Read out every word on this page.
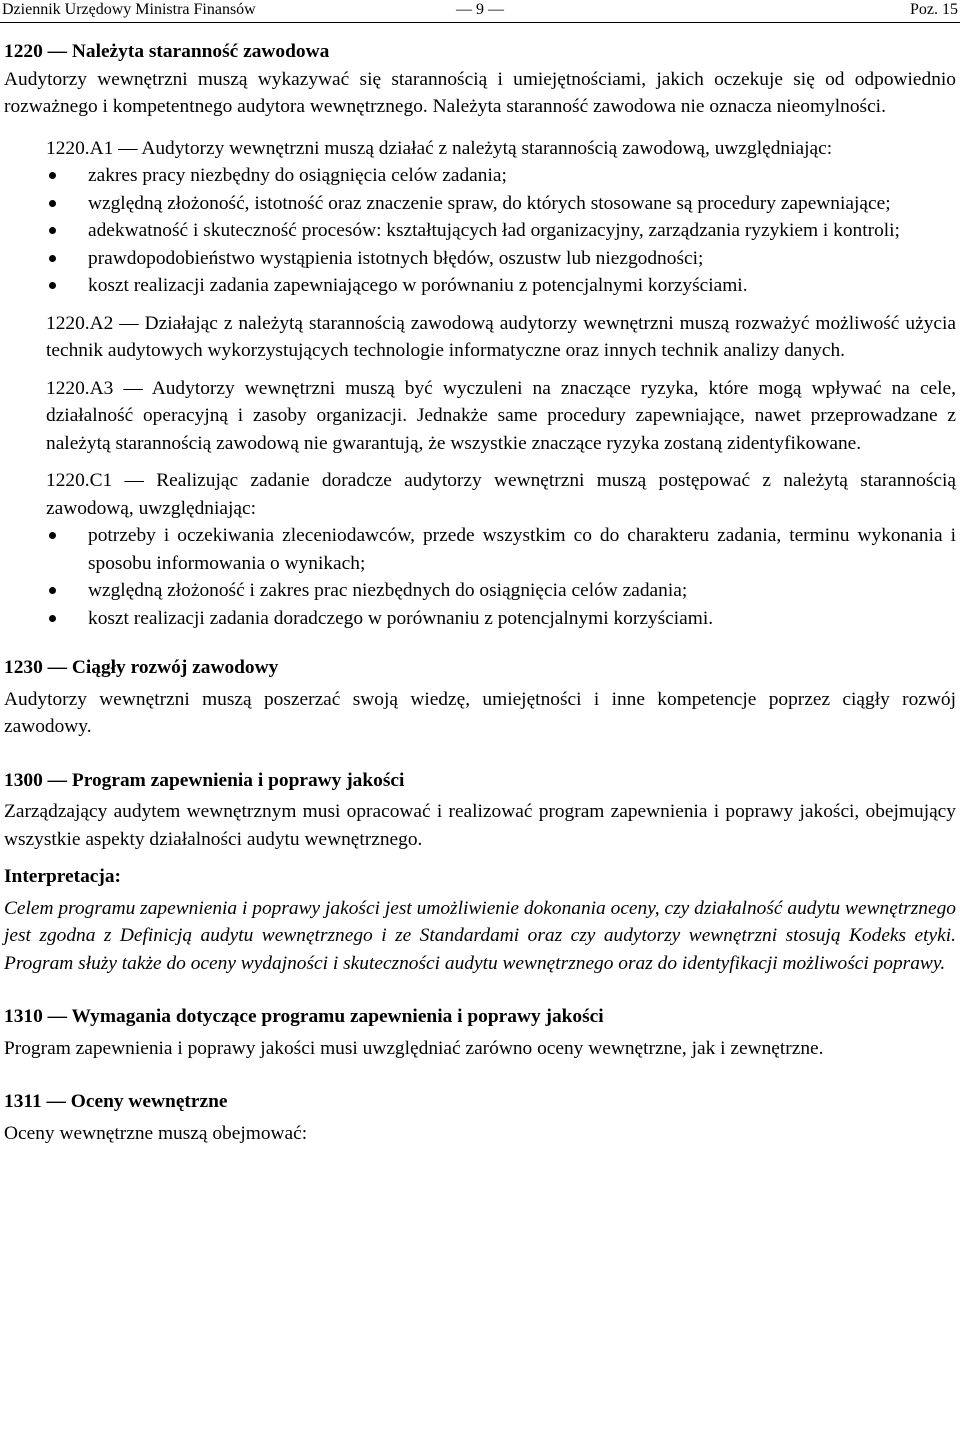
Dziennik Urzędowy Ministra Finansów	— 9 —	Poz. 15

1220 — Należyta staranność zawodowa

Audytorzy wewnętrzni muszą wykazywać się starannością i umiejętnościami, jakich oczekuje się od odpowiednio rozważnego i kompetentnego audytora wewnętrznego. Należyta staranność zawodowa nie oznacza nieomylności.

1220.A1 — Audytorzy wewnętrzni muszą działać z należytą starannością zawodową, uwzględniając:

zakres pracy niezbędny do osiągnięcia celów zadania;
względną złożoność, istotność oraz znaczenie spraw, do których stosowane są procedury zapewniające;
adekwatność i skuteczność procesów: kształtujących ład organizacyjny, zarządzania ryzykiem i kontroli;
prawdopodobieństwo wystąpienia istotnych błędów, oszustw lub niezgodności;
koszt realizacji zadania zapewniającego w porównaniu z potencjalnymi korzyściami.

1220.A2 — Działając z należytą starannością zawodową audytorzy wewnętrzni muszą rozważyć możliwość użycia technik audytowych wykorzystujących technologie informatyczne oraz innych technik analizy danych.

1220.A3 — Audytorzy wewnętrzni muszą być wyczuleni na znaczące ryzyka, które mogą wpływać na cele, działalność operacyjną i zasoby organizacji. Jednakże same procedury zapewniające, nawet przeprowadzane z należytą starannością zawodową nie gwarantują, że wszystkie znaczące ryzyka zostaną zidentyfikowane.

1220.C1 — Realizując zadanie doradcze audytorzy wewnętrzni muszą postępować z należytą starannością zawodową, uwzględniając:

potrzeby i oczekiwania zleceniodawców, przede wszystkim co do charakteru zadania, terminu wykonania i sposobu informowania o wynikach;
względną złożoność i zakres prac niezbędnych do osiągnięcia celów zadania;
koszt realizacji zadania doradczego w porównaniu z potencjalnymi korzyściami.

1230 — Ciągły rozwój zawodowy

Audytorzy wewnętrzni muszą poszerzać swoją wiedzę, umiejętności i inne kompetencje poprzez ciągły rozwój zawodowy.

1300 — Program zapewnienia i poprawy jakości

Zarządzający audytem wewnętrznym musi opracować i realizować program zapewnienia i poprawy jakości, obejmujący wszystkie aspekty działalności audytu wewnętrznego.

Interpretacja:

Celem programu zapewnienia i poprawy jakości jest umożliwienie dokonania oceny, czy działalność audytu wewnętrznego jest zgodna z Definicją audytu wewnętrznego i ze Standardami oraz czy audytorzy wewnętrzni stosują Kodeks etyki. Program służy także do oceny wydajności i skuteczności audytu wewnętrznego oraz do identyfikacji możliwości poprawy.

1310 — Wymagania dotyczące programu zapewnienia i poprawy jakości

Program zapewnienia i poprawy jakości musi uwzględniać zarówno oceny wewnętrzne, jak i zewnętrzne.

1311 — Oceny wewnętrzne

Oceny wewnętrzne muszą obejmować:
